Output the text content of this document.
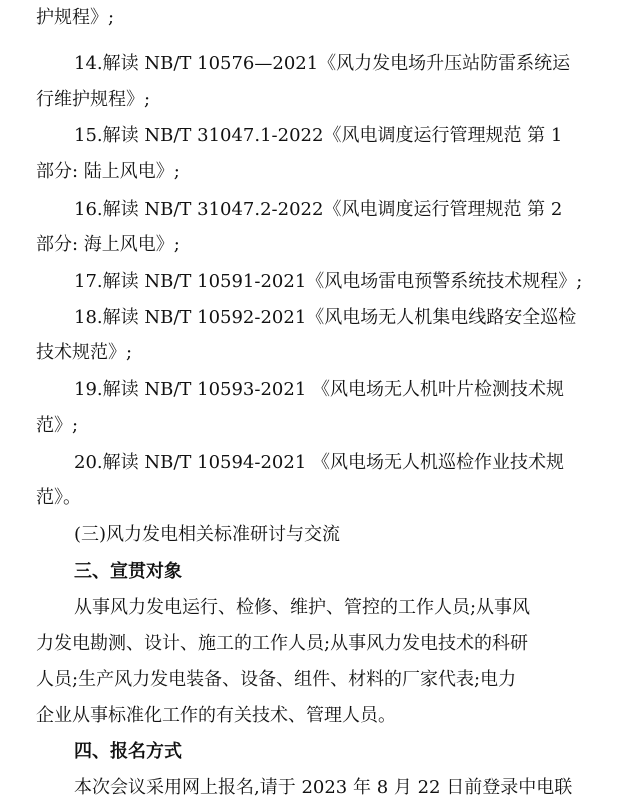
护规程》;
14.解读 NB/T 10576—2021《风力发电场升压站防雷系统运
行维护规程》;
15.解读 NB/T 31047.1-2022《风电调度运行管理规范 第 1
部分: 陆上风电》;
16.解读 NB/T 31047.2-2022《风电调度运行管理规范 第 2
部分: 海上风电》;
17.解读 NB/T 10591-2021《风电场雷电预警系统技术规程》;
18.解读 NB/T 10592-2021《风电场无人机集电线路安全巡检
技术规范》;
19.解读 NB/T 10593-2021 《风电场无人机叶片检测技术规
范》;
20.解读 NB/T 10594-2021 《风电场无人机巡检作业技术规
范》。
(三)风力发电相关标准研讨与交流
三、宣贯对象
从事风力发电运行、检修、维护、管控的工作人员;从事风
力发电勘测、设计、施工的工作人员;从事风力发电技术的科研
人员;生产风力发电装备、设备、组件、材料的厂家代表;电力
企业从事标准化工作的有关技术、管理人员。
四、报名方式
本次会议采用网上报名,请于 2023 年 8 月 22 日前登录中电联
